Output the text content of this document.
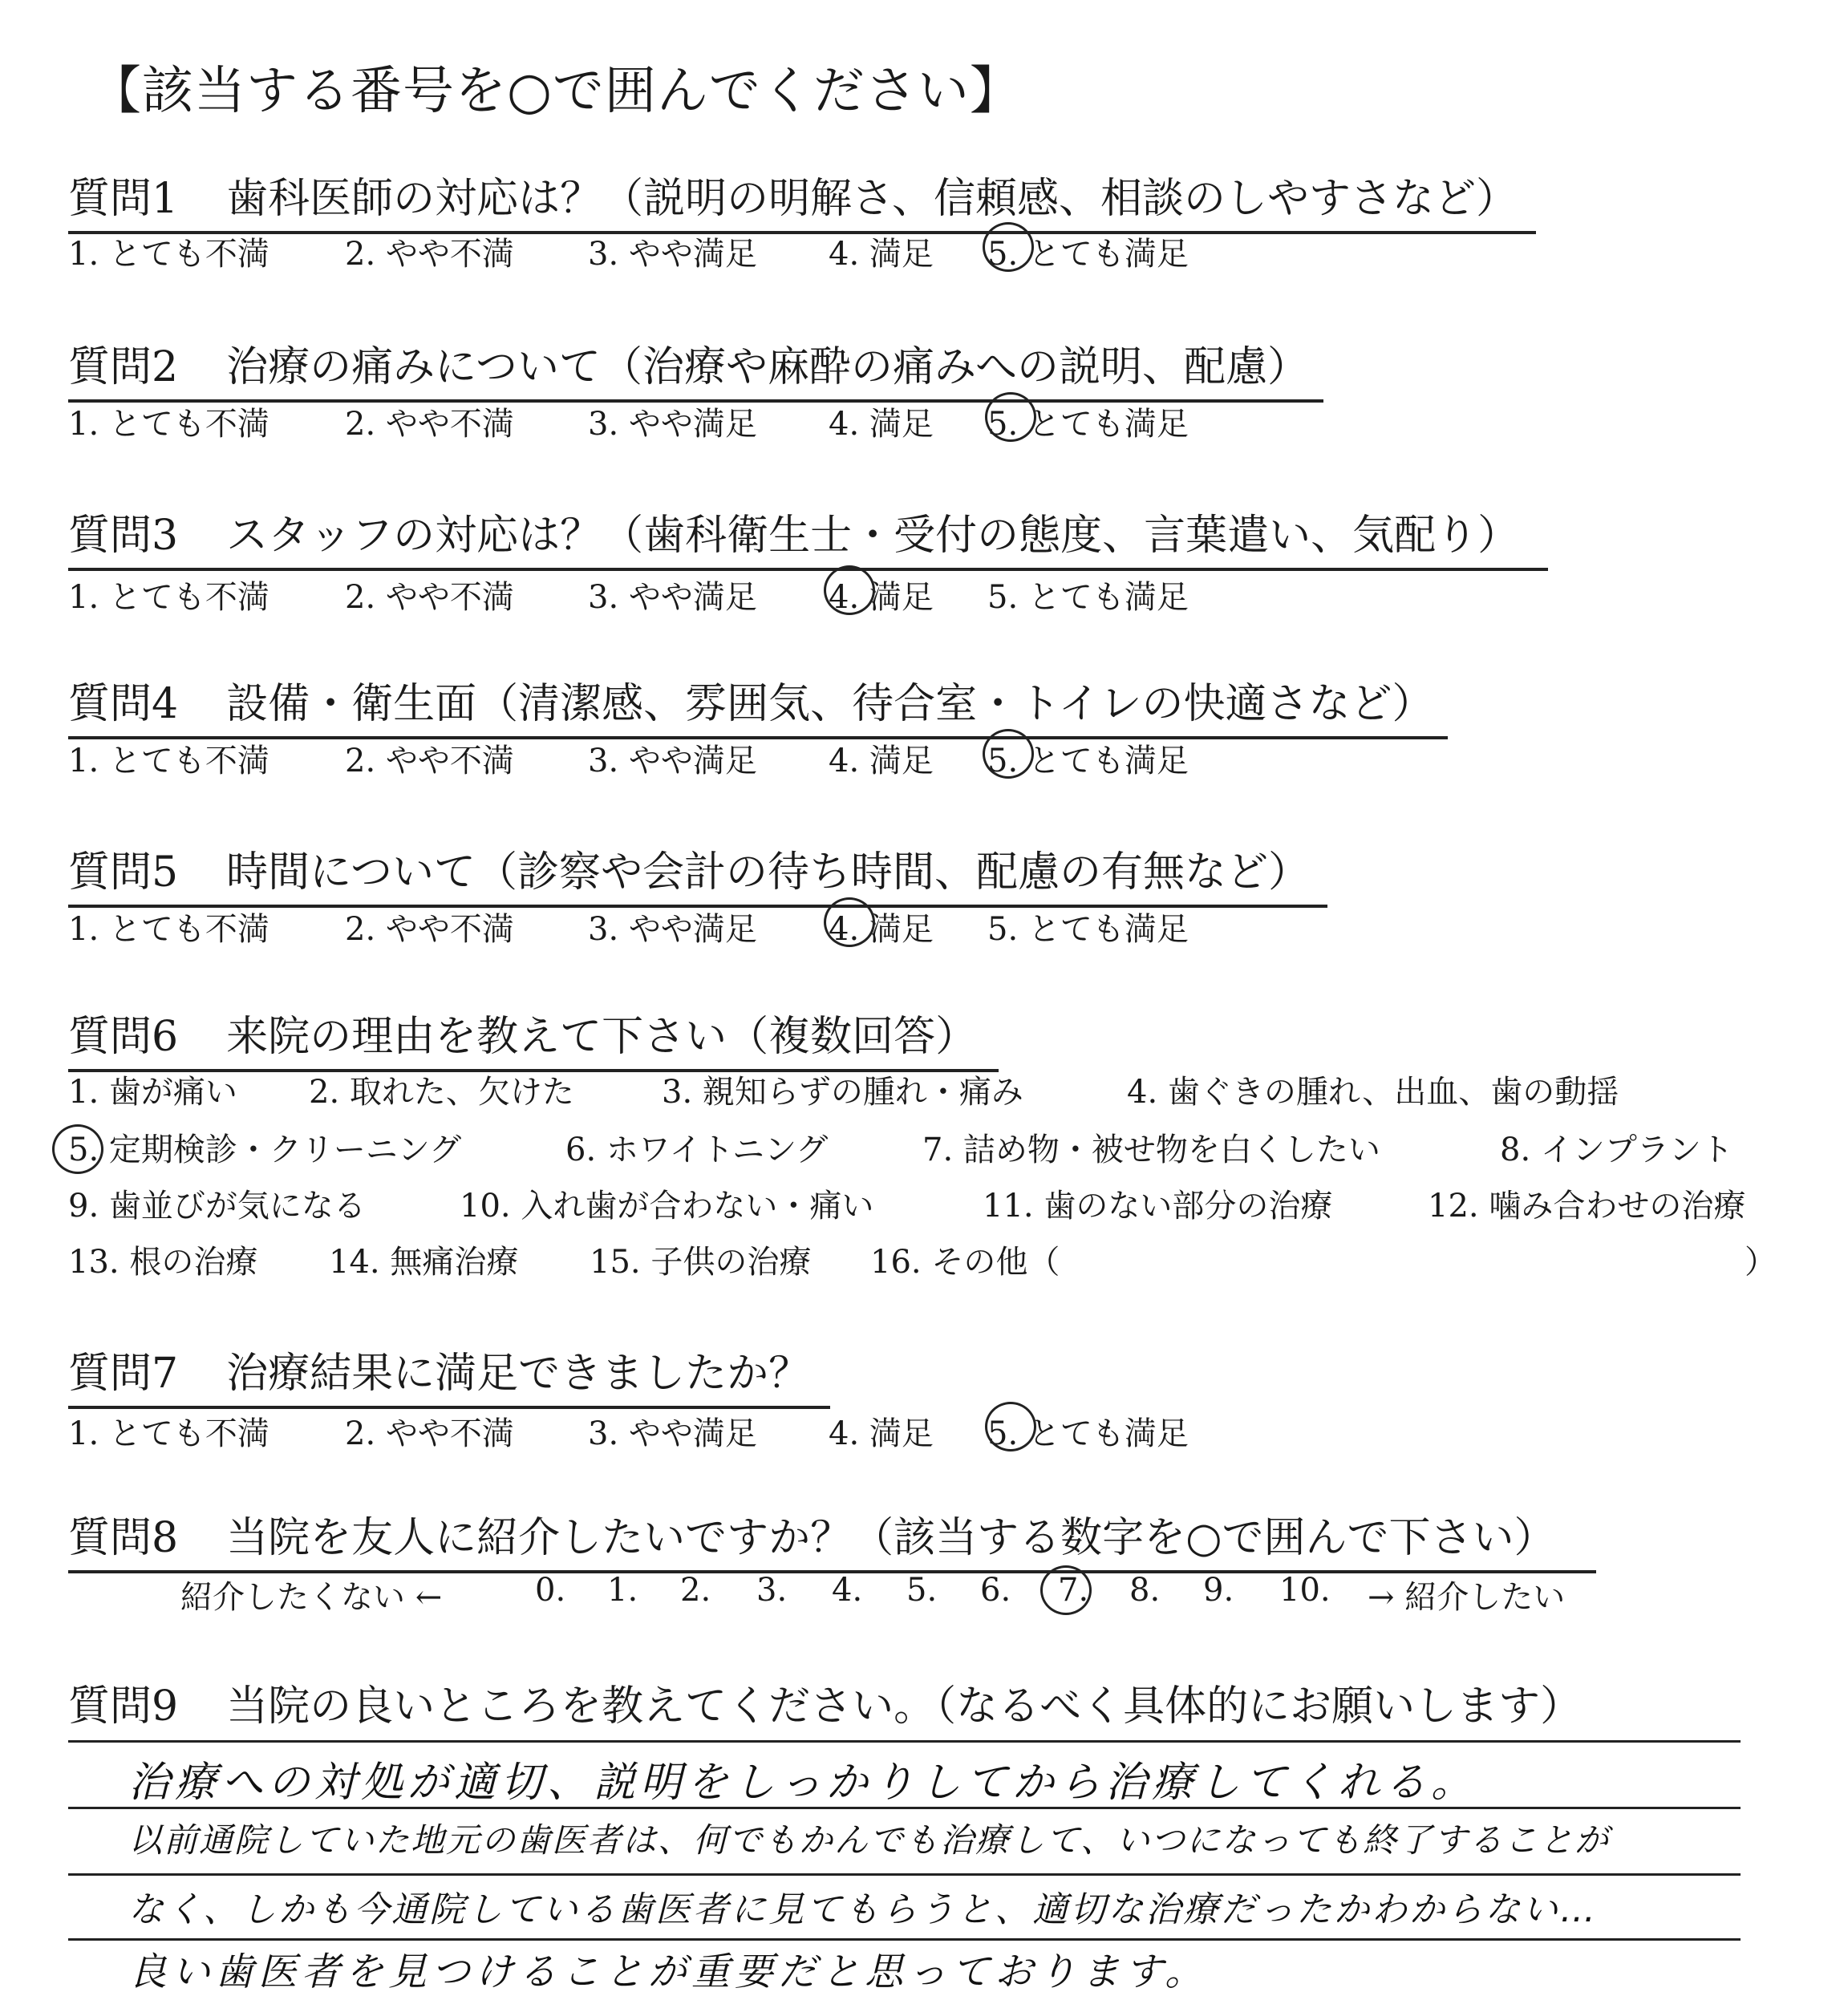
【該当する番号を○で囲んでください】
質問1 歯科医師の対応は？（説明の明解さ、信頼感、相談のしやすさなど）
1. とても不満 2. やや不満 3. やや満足 4. 満足 5. とても満足
質問2 治療の痛みについて（治療や麻酔の痛みへの説明、配慮）
1. とても不満 2. やや不満 3. やや満足 4. 満足 5. とても満足
質問3 スタッフの対応は？（歯科衛生士・受付の態度、言葉遣い、気配り）
1. とても不満 2. やや不満 3. やや満足 4. 満足 5. とても満足
質問4 設備・衛生面（清潔感、雰囲気、待合室・トイレの快適さなど）
1. とても不満 2. やや不満 3. やや満足 4. 満足 5. とても満足
質問5 時間について（診察や会計の待ち時間、配慮の有無など）
1. とても不満 2. やや不満 3. やや満足 4. 満足 5. とても満足
質問6 来院の理由を教えて下さい（複数回答）
1. 歯が痛い 2. 取れた、欠けた	3. 親知らずの腫れ・痛み	4. 歯ぐきの腫れ、出血、歯の動揺
5. 定期検診・クリーニング	6. ホワイトニング	7. 詰め物・被せ物を白くしたい	8. インプラント
9. 歯並びが気になる	10. 入れ歯が合わない・痛い	11. 歯のない部分の治療	12. 噛み合わせの治療
13. 根の治療 14. 無痛治療 15. 子供の治療 16. その他（	）
質問7 治療結果に満足できましたか？
1. とても不満 2. やや不満 3. やや満足 4. 満足 5. とても満足
質問8 当院を友人に紹介したいですか？（該当する数字を○で囲んで下さい）
紹介したくない ←	0. 1. 2. 3. 4. 5. 6. 7. 8. 9. 10. → 紹介したい
質問9 当院の良いところを教えてください。（なるべく具体的にお願いします）
治療への対処が適切、説明をしっかりしてから治療してくれる。
以前通院していた地元の歯医者は、何でもかんでも治療して、いつになっても終了することが
なく、しかも今通院している歯医者に見てもらうと、適切な治療だったかわからない…
良い歯医者を見つけることが重要だと思っております。
